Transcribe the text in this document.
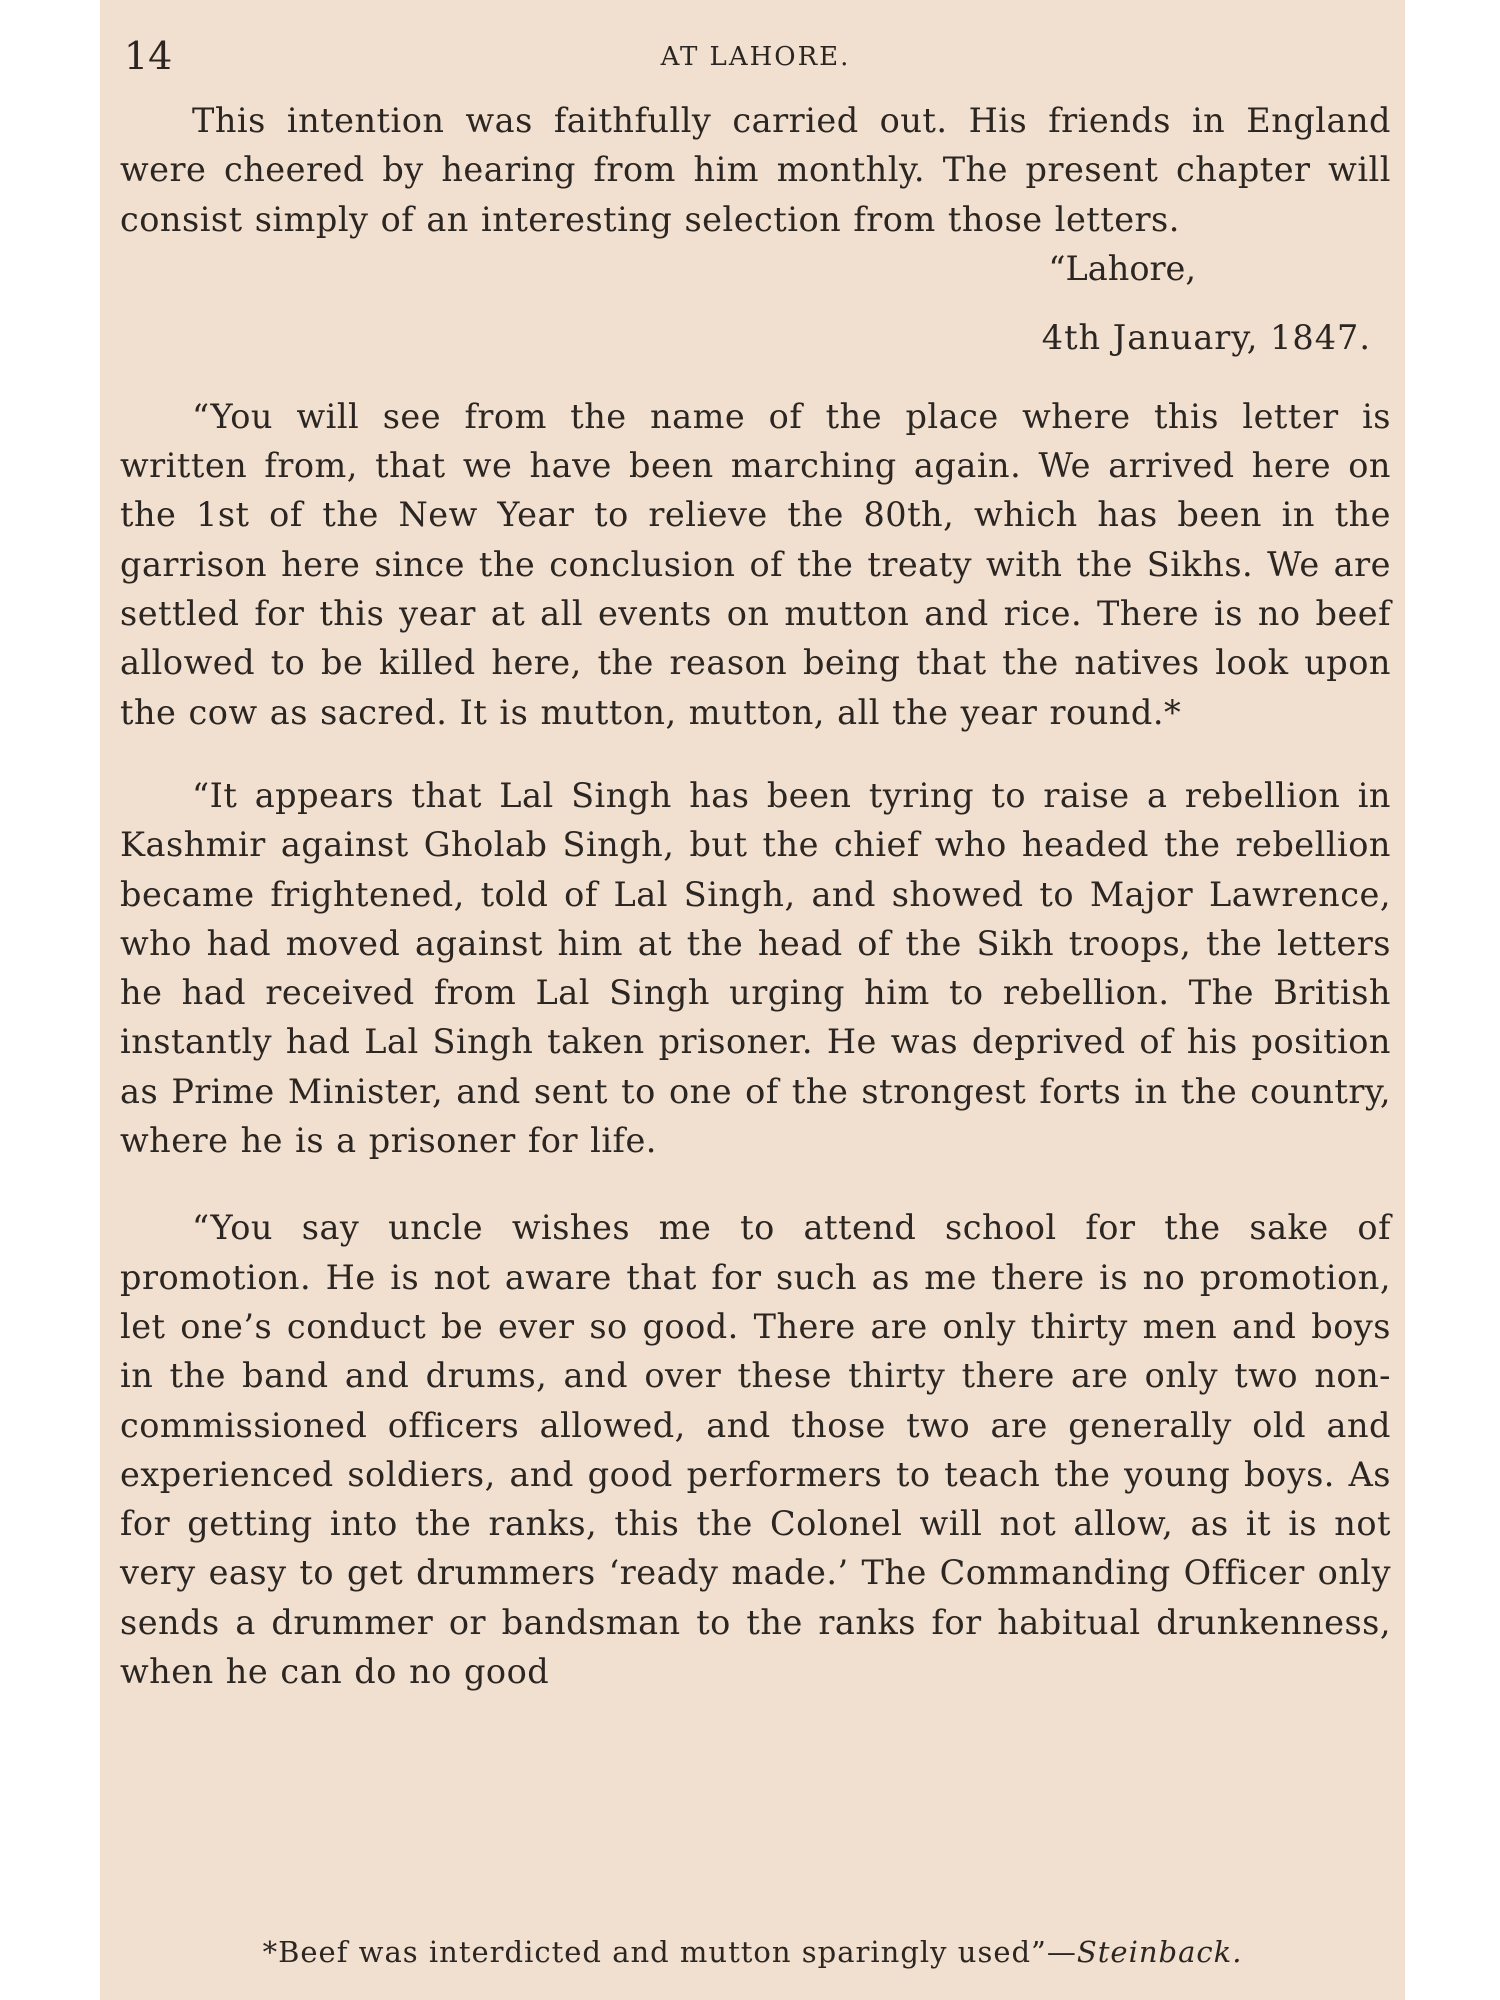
14	AT LAHORE.

This intention was faithfully carried out. His friends in England were cheered by hearing from him monthly. The present chapter will consist simply of an interesting selection from those letters.

“Lahore,

4th January, 1847.

“You will see from the name of the place where this letter is written from, that we have been marching again. We arrived here on the 1st of the New Year to relieve the 80th, which has been in the garrison here since the conclusion of the treaty with the Sikhs. We are settled for this year at all events on mutton and rice. There is no beef allowed to be killed here, the reason being that the natives look upon the cow as sacred. It is mutton, mutton, all the year round.*

“It appears that Lal Singh has been tyring to raise a rebellion in Kashmir against Gholab Singh, but the chief who headed the rebellion became frightened, told of Lal Singh, and showed to Major Lawrence, who had moved against him at the head of the Sikh troops, the letters he had received from Lal Singh urging him to rebellion. The British instantly had Lal Singh taken prisoner. He was deprived of his position as Prime Minister, and sent to one of the strongest forts in the country, where he is a prisoner for life.

“You say uncle wishes me to attend school for the sake of promotion. He is not aware that for such as me there is no promotion, let one’s conduct be ever so good. There are only thirty men and boys in the band and drums, and over these thirty there are only two non-commissioned officers allowed, and those two are generally old and experienced soldiers, and good performers to teach the young boys. As for getting into the ranks, this the Colonel will not allow, as it is not very easy to get drummers ‘ready made.’ The Commanding Officer only sends a drummer or bandsman to the ranks for habitual drunkenness, when he can do no good

*Beef was interdicted and mutton sparingly used”—Steinback.
